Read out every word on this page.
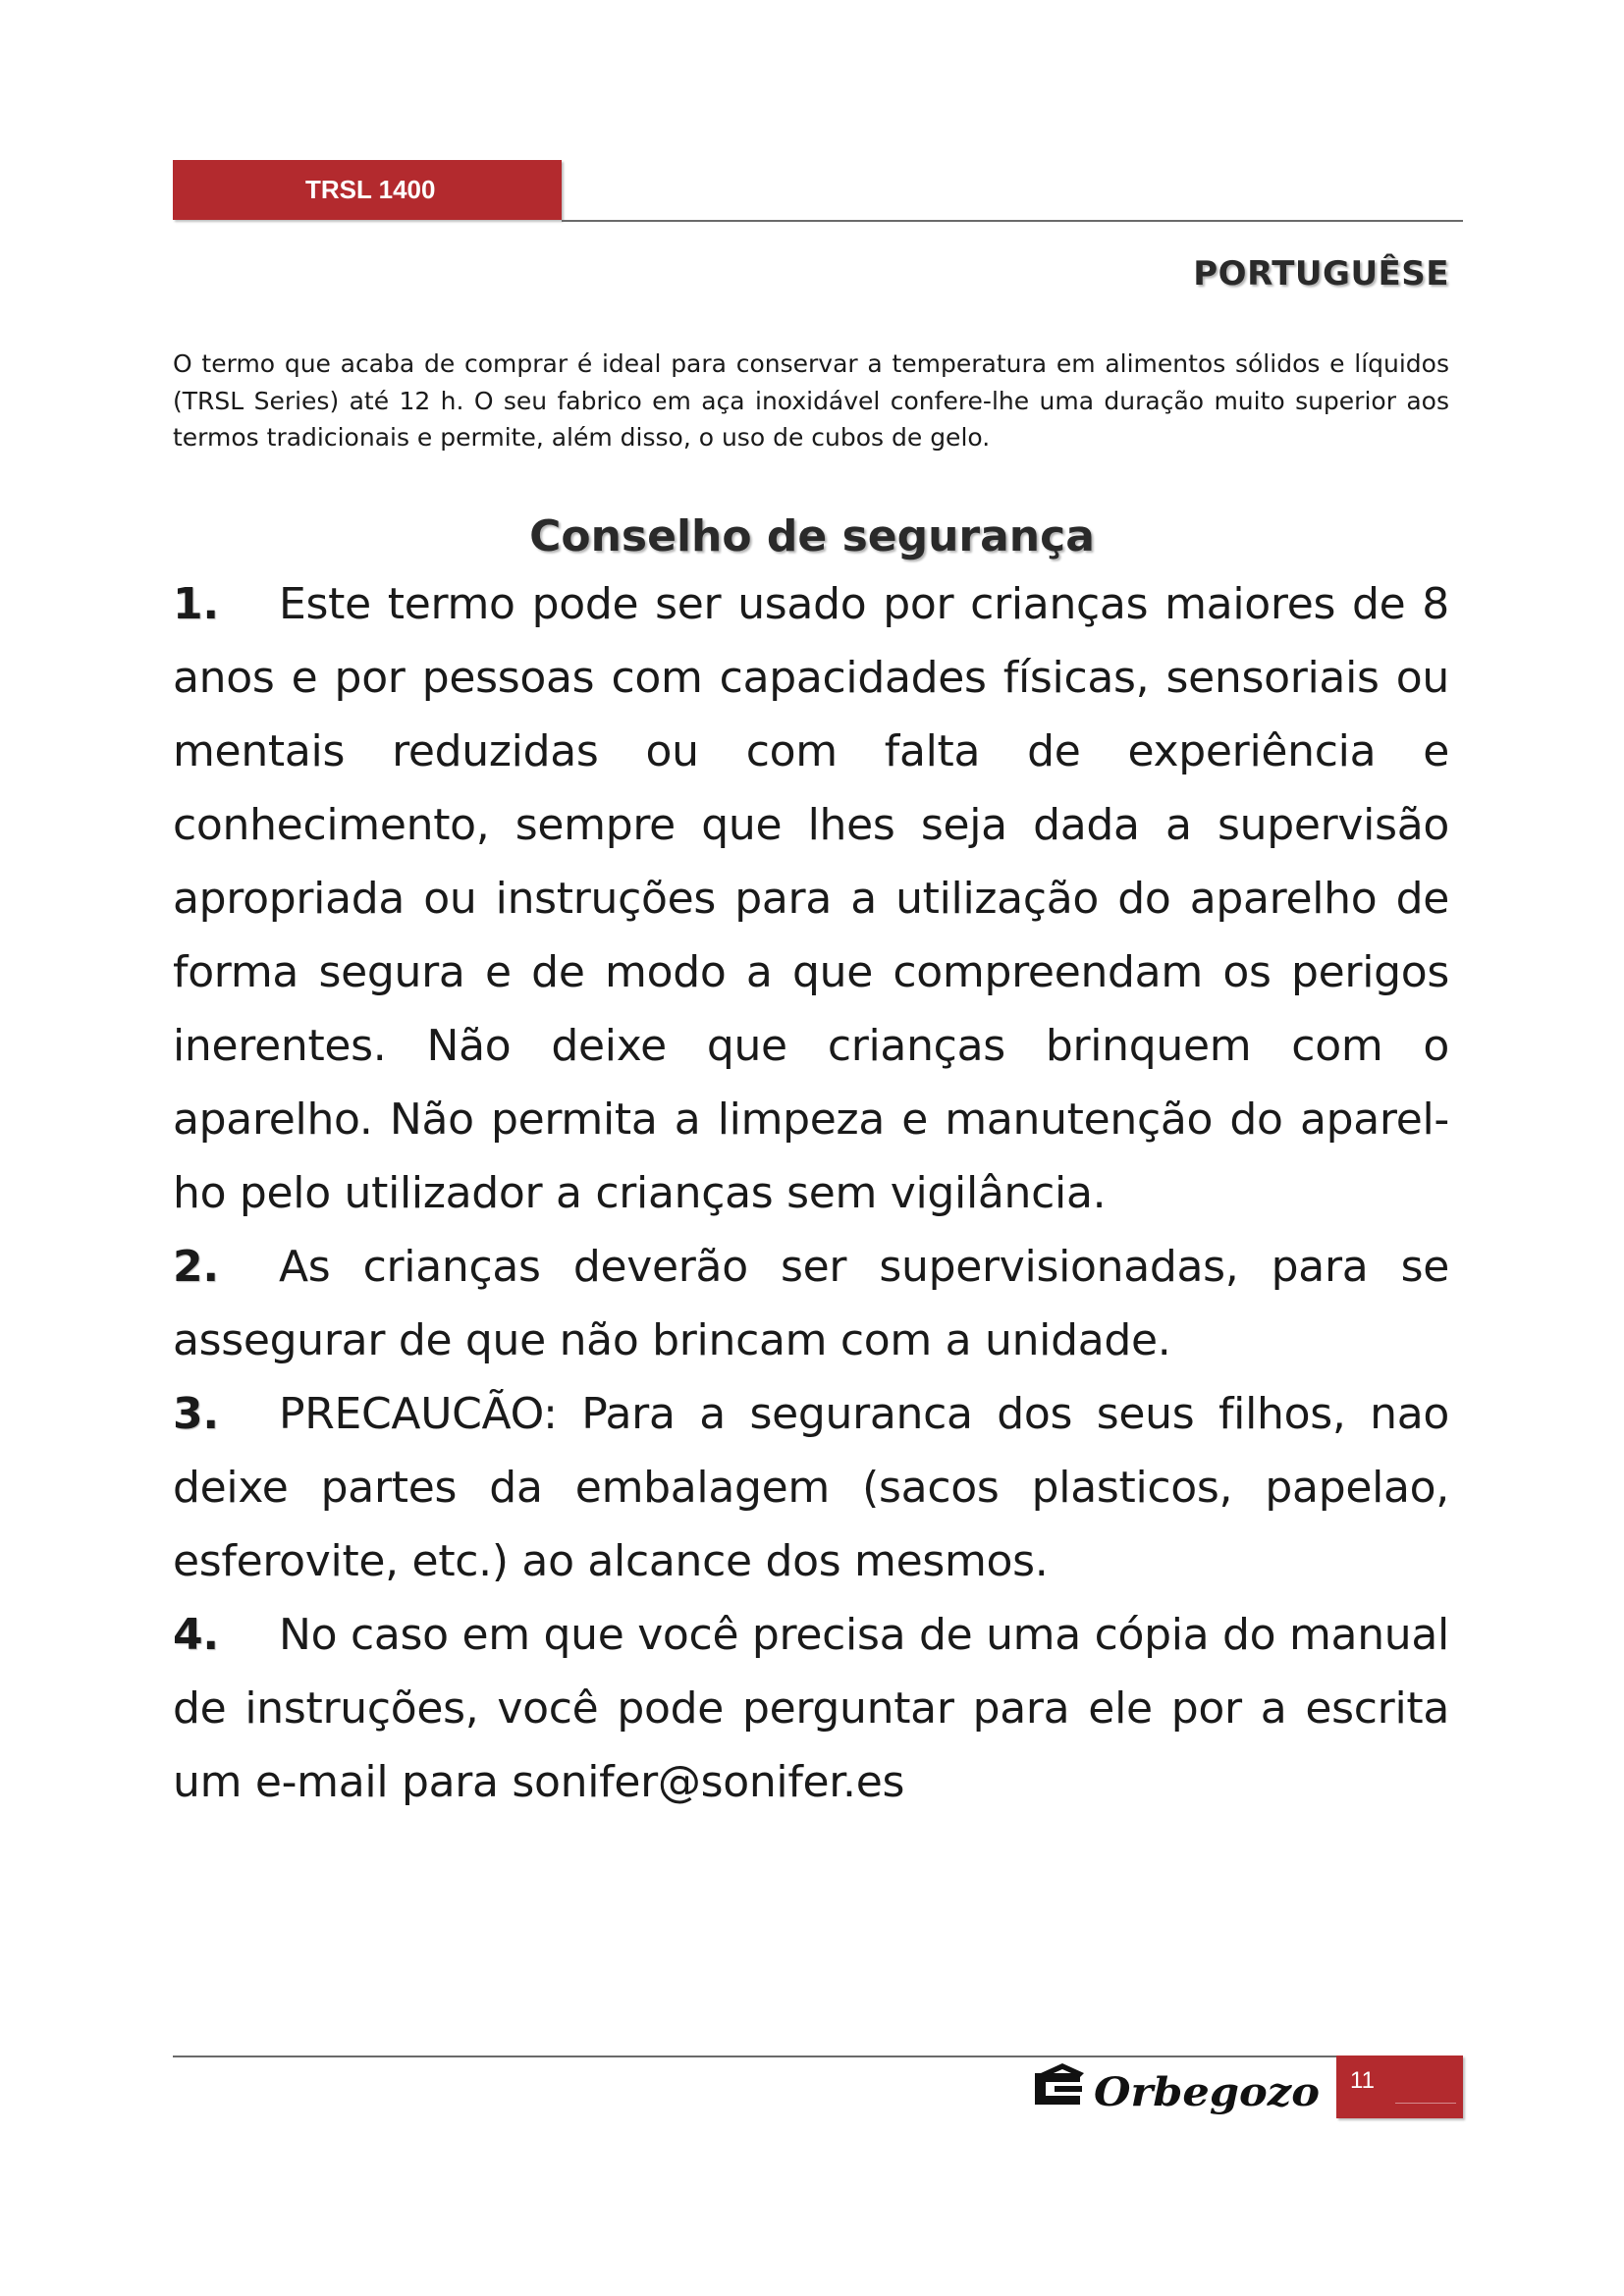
TRSL 1400
PORTUGUÊSE

O termo que acaba de comprar é ideal para conservar a temperatura em alimentos sólidos e líquidos (TRSL Series) até 12 h. O seu fabrico em aça inoxidável confere-lhe uma duração muito superior aos termos tradicionais e permite, além disso, o uso de cubos de gelo.

Conselho de segurança

1. Este termo pode ser usado por crianças maiores de 8 anos e por pessoas com capacidades físicas, sensoriais ou mentais reduzidas ou com falta de experiência e conhecimento, sempre que lhes seja dada a supervisão apropriada ou instruções para a utilização do aparelho de forma segura e de modo a que compreendam os perigos inerentes. Não deixe que crianças brinquem com o aparelho. Não permita a limpeza e manutenção do aparel-ho pelo utilizador a crianças sem vigilância.

2. As crianças deverão ser supervisionadas, para se assegurar de que não brincam com a unidade.

3. PRECAUCÃO: Para a seguranca dos seus filhos, nao deixe partes da embalagem (sacos plasticos, papelao, esferovite, etc.) ao alcance dos mesmos.

4. No caso em que você precisa de uma cópia do manual de instruções, você pode perguntar para ele por a escrita um e-mail para sonifer@sonifer.es

Orbegozo 11
